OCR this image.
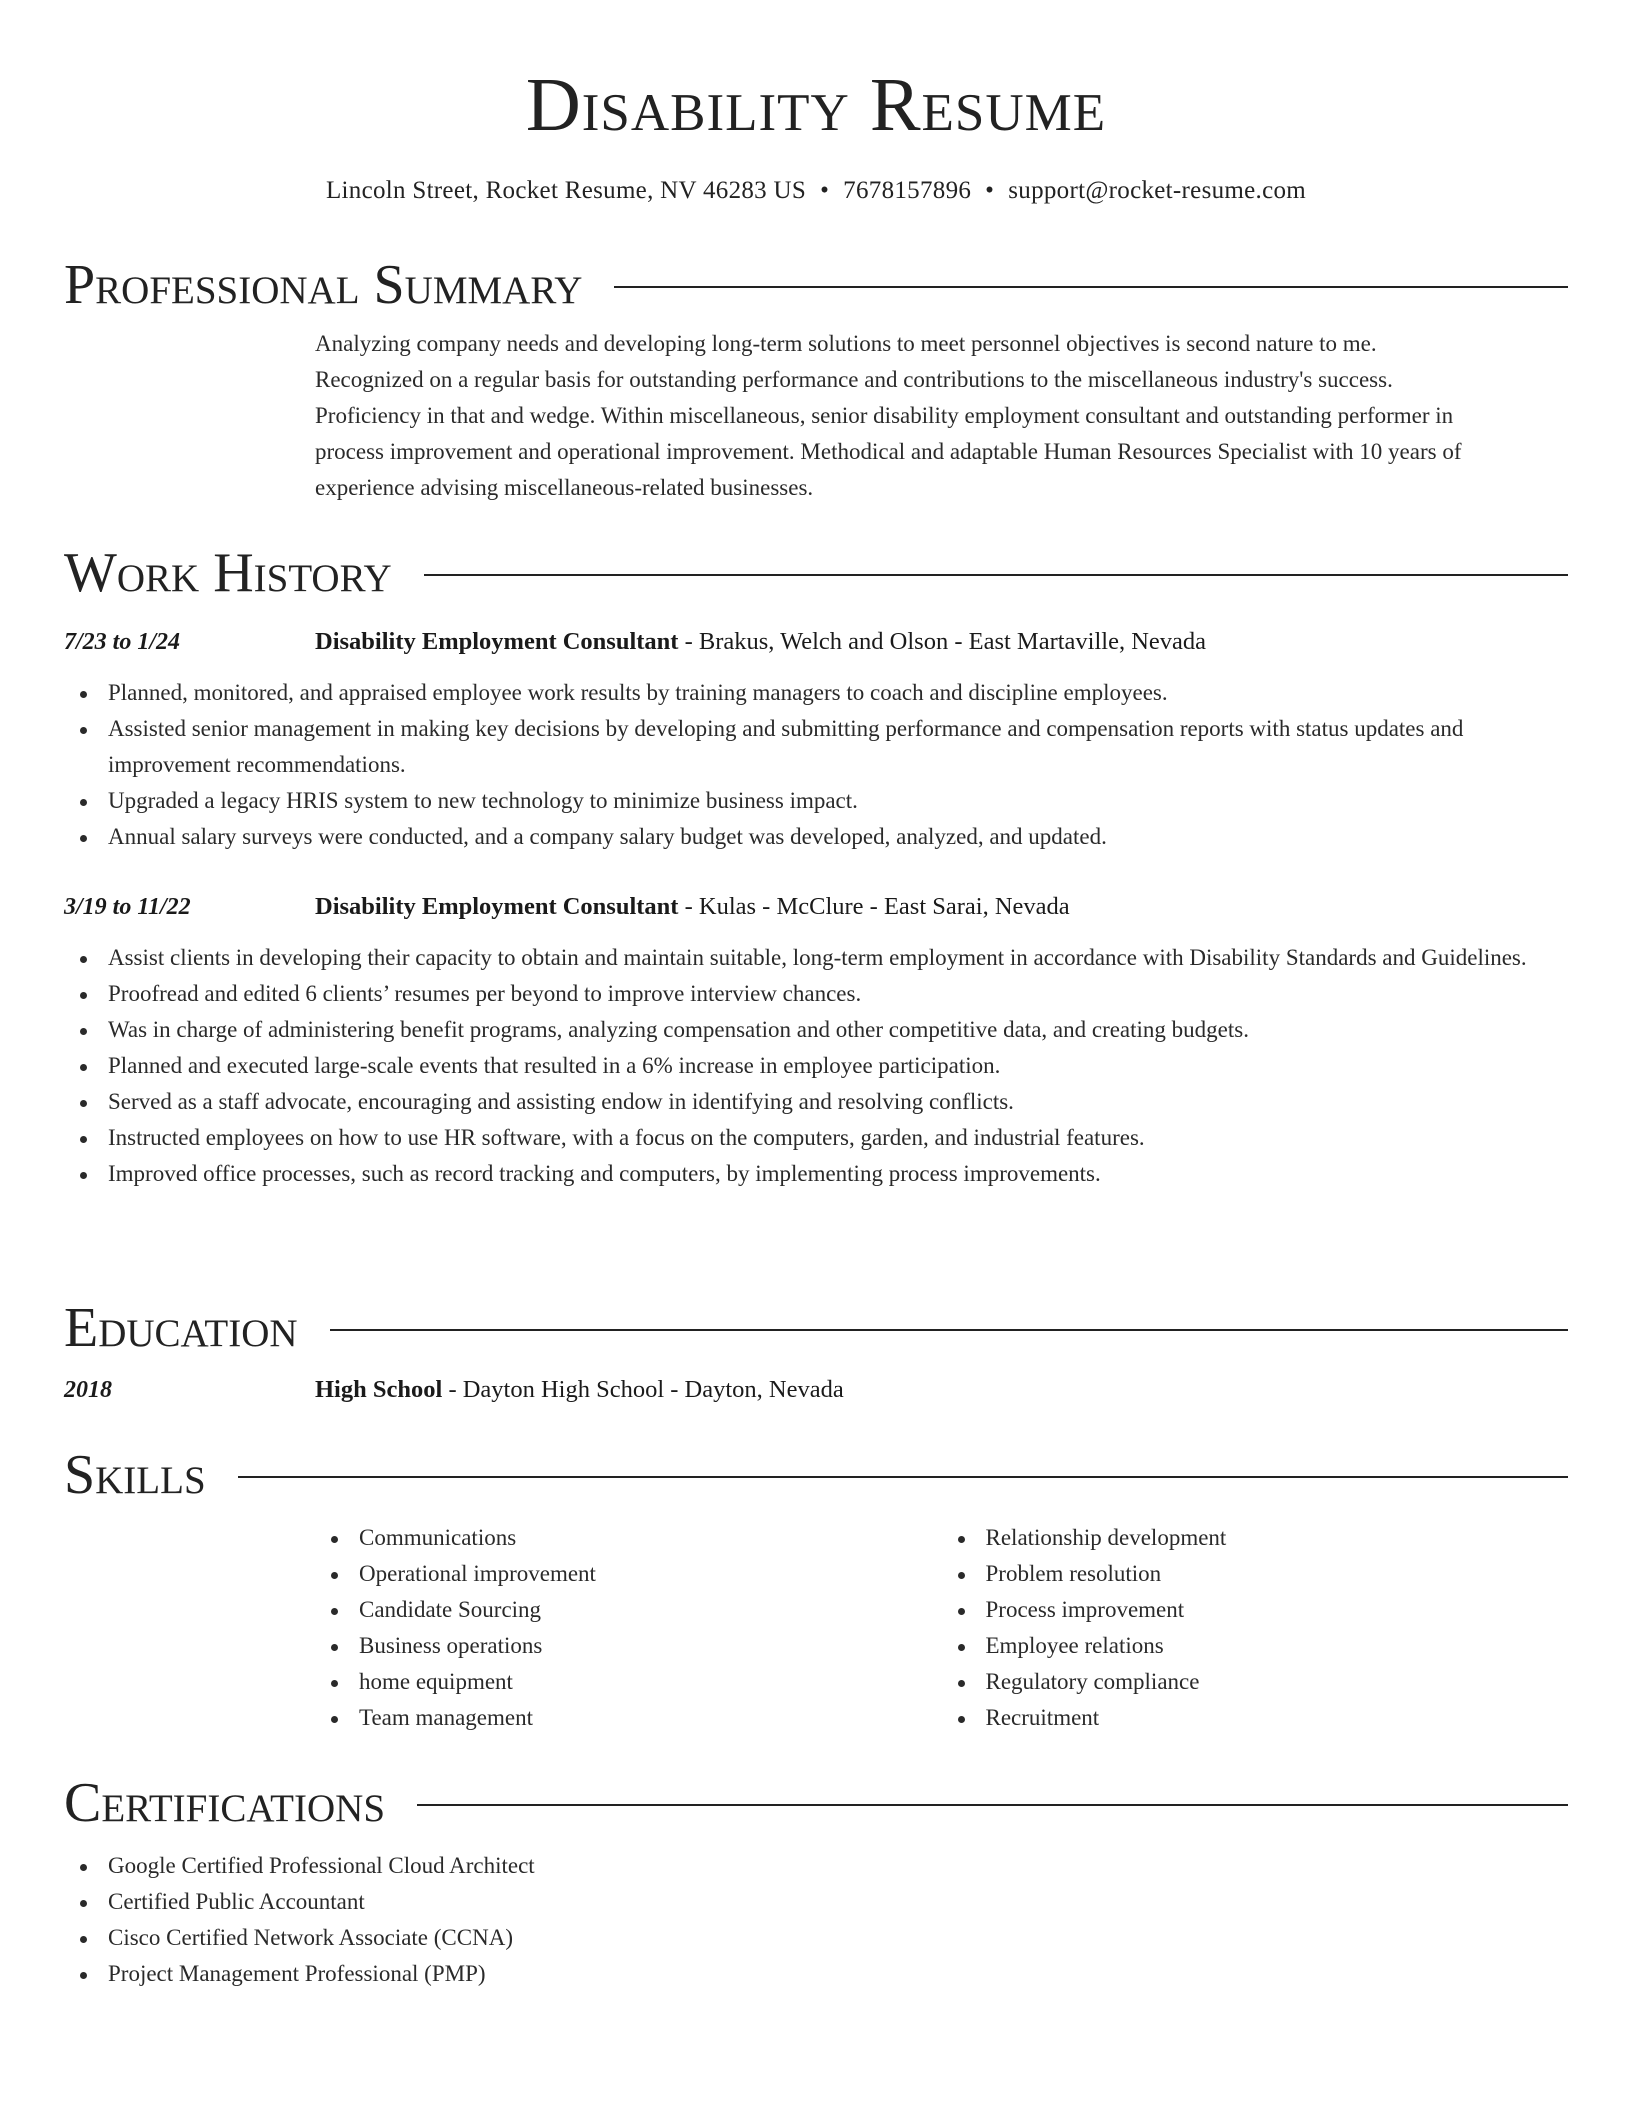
Disability Resume
Lincoln Street, Rocket Resume, NV 46283 US • 7678157896 • support@rocket-resume.com
Professional Summary
Analyzing company needs and developing long-term solutions to meet personnel objectives is second nature to me.
Recognized on a regular basis for outstanding performance and contributions to the miscellaneous industry's success.
Proficiency in that and wedge. Within miscellaneous, senior disability employment consultant and outstanding performer in
process improvement and operational improvement. Methodical and adaptable Human Resources Specialist with 10 years of
experience advising miscellaneous-related businesses.
Work History
7/23 to 1/24	Disability Employment Consultant - Brakus, Welch and Olson - East Martaville, Nevada
Planned, monitored, and appraised employee work results by training managers to coach and discipline employees.
Assisted senior management in making key decisions by developing and submitting performance and compensation reports with status updates and improvement recommendations.
Upgraded a legacy HRIS system to new technology to minimize business impact.
Annual salary surveys were conducted, and a company salary budget was developed, analyzed, and updated.
3/19 to 11/22	Disability Employment Consultant - Kulas - McClure - East Sarai, Nevada
Assist clients in developing their capacity to obtain and maintain suitable, long-term employment in accordance with Disability Standards and Guidelines.
Proofread and edited 6 clients’ resumes per beyond to improve interview chances.
Was in charge of administering benefit programs, analyzing compensation and other competitive data, and creating budgets.
Planned and executed large-scale events that resulted in a 6% increase in employee participation.
Served as a staff advocate, encouraging and assisting endow in identifying and resolving conflicts.
Instructed employees on how to use HR software, with a focus on the computers, garden, and industrial features.
Improved office processes, such as record tracking and computers, by implementing process improvements.
Education
2018	High School - Dayton High School - Dayton, Nevada
Skills
Communications
Operational improvement
Candidate Sourcing
Business operations
home equipment
Team management
Relationship development
Problem resolution
Process improvement
Employee relations
Regulatory compliance
Recruitment
Certifications
Google Certified Professional Cloud Architect
Certified Public Accountant
Cisco Certified Network Associate (CCNA)
Project Management Professional (PMP)
